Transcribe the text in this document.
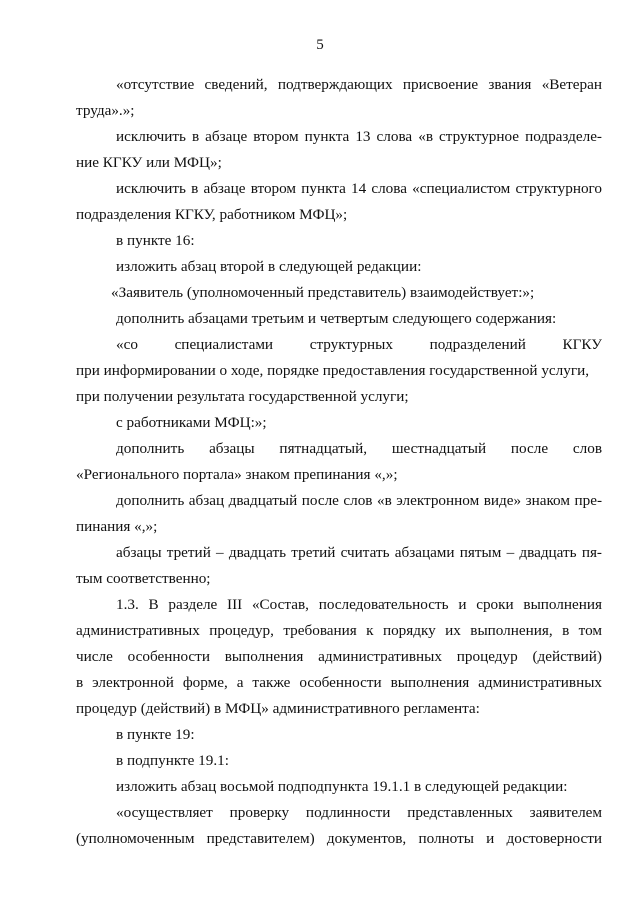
5
«отсутствие сведений, подтверждающих присвоение звания «Ветеран
труда».»;
исключить в абзаце втором пункта 13 слова «в структурное подразделе-
ние КГКУ или МФЦ»;
исключить в абзаце втором пункта 14 слова «специалистом структурного
подразделения КГКУ, работником МФЦ»;
в пункте 16:
изложить абзац второй в следующей редакции:
«Заявитель (уполномоченный представитель) взаимодействует:»;
дополнить абзацами третьим и четвертым следующего содержания:
«со специалистами структурных подразделений КГКУ
при информировании о ходе, порядке предоставления государственной услуги,
при получении результата государственной услуги;
с работниками МФЦ:»;
дополнить абзацы пятнадцатый, шестнадцатый после слов
«Регионального портала» знаком препинания «,»;
дополнить абзац двадцатый после слов «в электронном виде» знаком пре-
пинания «,»;
абзацы третий – двадцать третий считать абзацами пятым – двадцать пя-
тым соответственно;
1.3. В разделе III «Состав, последовательность и сроки выполнения
административных процедур, требования к порядку их выполнения, в том
числе особенности выполнения административных процедур (действий)
в электронной форме, а также особенности выполнения административных
процедур (действий) в МФЦ» административного регламента:
в пункте 19:
в подпункте 19.1:
изложить абзац восьмой подподпункта 19.1.1 в следующей редакции:
«осуществляет проверку подлинности представленных заявителем
(уполномоченным представителем) документов, полноты и достоверности
